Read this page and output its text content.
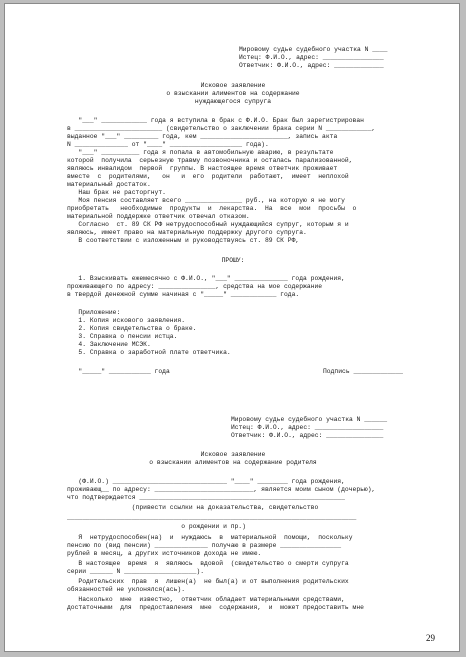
Мировому судье судебного участка N ____
Истец: Ф.И.О., адрес: ________________
Ответчик: Ф.И.О., адрес: _____________
Исковое заявление
о взыскании алиментов на содержание
нуждающегося супруга
"___" ____________ года я вступила в брак с Ф.И.О. Брак был зарегистрирован
в _______________________ (свидетельство о заключении брака серии N ____________,
выданное "___" _________ года, кем _______________________, запись акта
N ______________ от "____" ___________________ года).
"___" __________ года я попала в автомобильную аварию, в результате
которой  получила  серьезную травму позвоночника и осталась парализованной,
являюсь инвалидом  первой  группы. В настоящее время ответчик проживает
вместе  с  родителями,   он   и  его  родители  работают,  имеет  неплохой
материальный достаток.
Наш брак не расторгнут.
Моя пенсия составляет всего _______________ руб., на которую я не могу
приобретать   необходимые  продукты  и  лекарства.  На  все  мои  просьбы  о
материальной поддержке ответчик отвечал отказом.
Согласно  ст. 89 СК РФ нетрудоспособный нуждающийся супруг, которым я и
являюсь, имеет право на материальную поддержку другого супруга.
В соответствии с изложенным и руководствуясь ст. 89 СК РФ,
ПРОШУ:
1. Взыскивать ежемесячно с Ф.И.О., "___" ______________ года рождения,
проживающего по адресу: _______________, средства на мое содержание
в твердой денежной сумме начиная с "_____" ____________ года.
Приложение:
1. Копия искового заявления.
2. Копия свидетельства о браке.
3. Справка о пенсии истца.
4. Заключение МСЭК.
5. Справка о заработной плате ответчика.
"_____" ___________ года	Подпись _____________
Мировому судье судебного участка N ______
Истец: Ф.И.О., адрес: __________________
Ответчик: Ф.И.О., адрес: _______________
Исковое заявление
о взыскании алиментов на содержание родителя
(Ф.И.О.) ______________________________ "____" ________ года рождения,
проживающ__ по адресу: __________________________, является моим сыном (дочерью),
что подтверждается ______________________________________________________
(привести ссылки на доказательства, свидетельство
____________________________________________________________________________
о рождении и пр.)
Я  нетрудоспособен(на)  и  нуждаюсь  в  материальной  помощи,  поскольку
пенсию по (вид пенсии) ______________ получаю в размере ________________
рублей в месяц, а других источников дохода не имею.
В настоящее  время  я  являюсь  вдовой  (свидетельство о смерти супруга
серии ______ N ___________________).
Родительских  прав  я  лишен(а)  не был(а) и от выполнения родительских
обязанностей не уклонялся(ась).
Насколько  мне  известно,  ответчик обладает материальными средствами,
достаточными  для  предоставления  мне  содержания,  и  может предоставить мне
29
